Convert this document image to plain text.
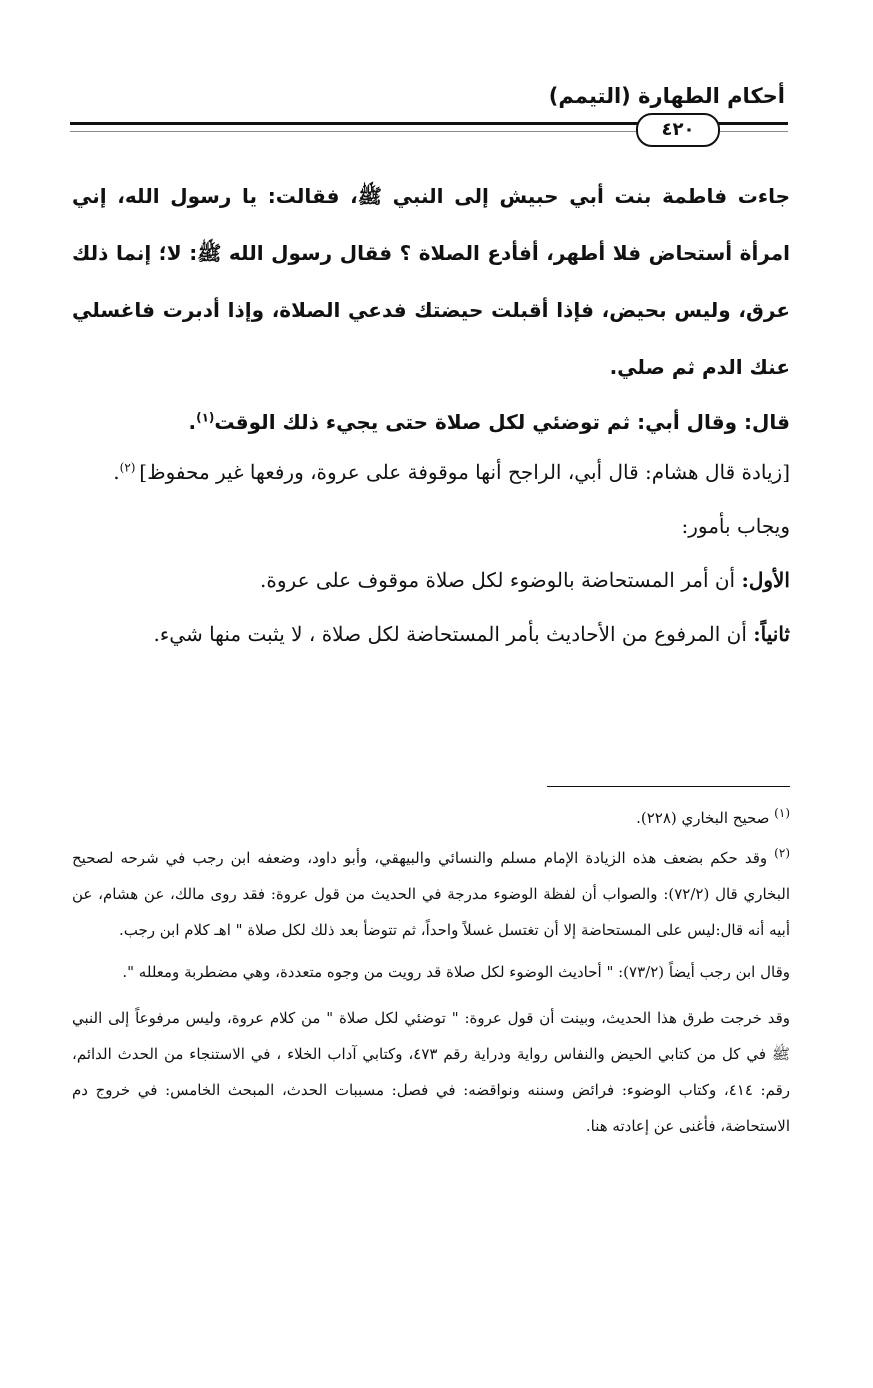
أحكام الطهارة (التيمم)
٤٢٠

جاءت فاطمة بنت أبي حبيش إلى النبي ﷺ، فقالت: يا رسول الله، إني امرأة أستحاض فلا أطهر، أفأدع الصلاة ؟ فقال رسول الله ﷺ: لا؛ إنما ذلك عرق، وليس بحيض، فإذا أقبلت حيضتك فدعي الصلاة، وإذا أدبرت فاغسلي عنك الدم ثم صلي.

قال: وقال أبي: ثم توضئي لكل صلاة حتى يجيء ذلك الوقت$^{(١)}$.

[زيادة قال هشام: قال أبي، الراجح أنها موقوفة على عروة، ورفعها غير محفوظ] $^{(٢)}$.

ويجاب بأمور:

الأول: أن أمر المستحاضة بالوضوء لكل صلاة موقوف على عروة.

ثانياً: أن المرفوع من الأحاديث بأمر المستحاضة لكل صلاة ، لا يثبت منها شيء.

$^{(١)}$ صحيح البخاري (٢٢٨).

$^{(٢)}$ وقد حكم بضعف هذه الزيادة الإمام مسلم والنسائي والبيهقي، وأبو داود، وضعفه ابن رجب في شرحه لصحيح البخاري قال (٧٢/٢): والصواب أن لفظة الوضوء مدرجة في الحديث من قول عروة: فقد روى مالك، عن هشام، عن أبيه أنه قال:ليس على المستحاضة إلا أن تغتسل غسلاً واحداً، ثم تتوضأ بعد ذلك لكل صلاة " اهـ كلام ابن رجب.

وقال ابن رجب أيضاً (٧٣/٢): " أحاديث الوضوء لكل صلاة قد رويت من وجوه متعددة، وهي مضطربة ومعلله ".

وقد خرجت طرق هذا الحديث، وبينت أن قول عروة: " توضئي لكل صلاة " من كلام عروة، وليس مرفوعاً إلى النبي ﷺ في كل من كتابي الحيض والنفاس رواية ودراية رقم ٤٧٣، وكتابي آداب الخلاء ، في الاستنجاء من الحدث الدائم، رقم: ٤١٤، وكتاب الوضوء: فرائض وسننه ونواقضه: في فصل: مسببات الحدث، المبحث الخامس: في خروج دم الاستحاضة، فأغنى عن إعادته هنا.
